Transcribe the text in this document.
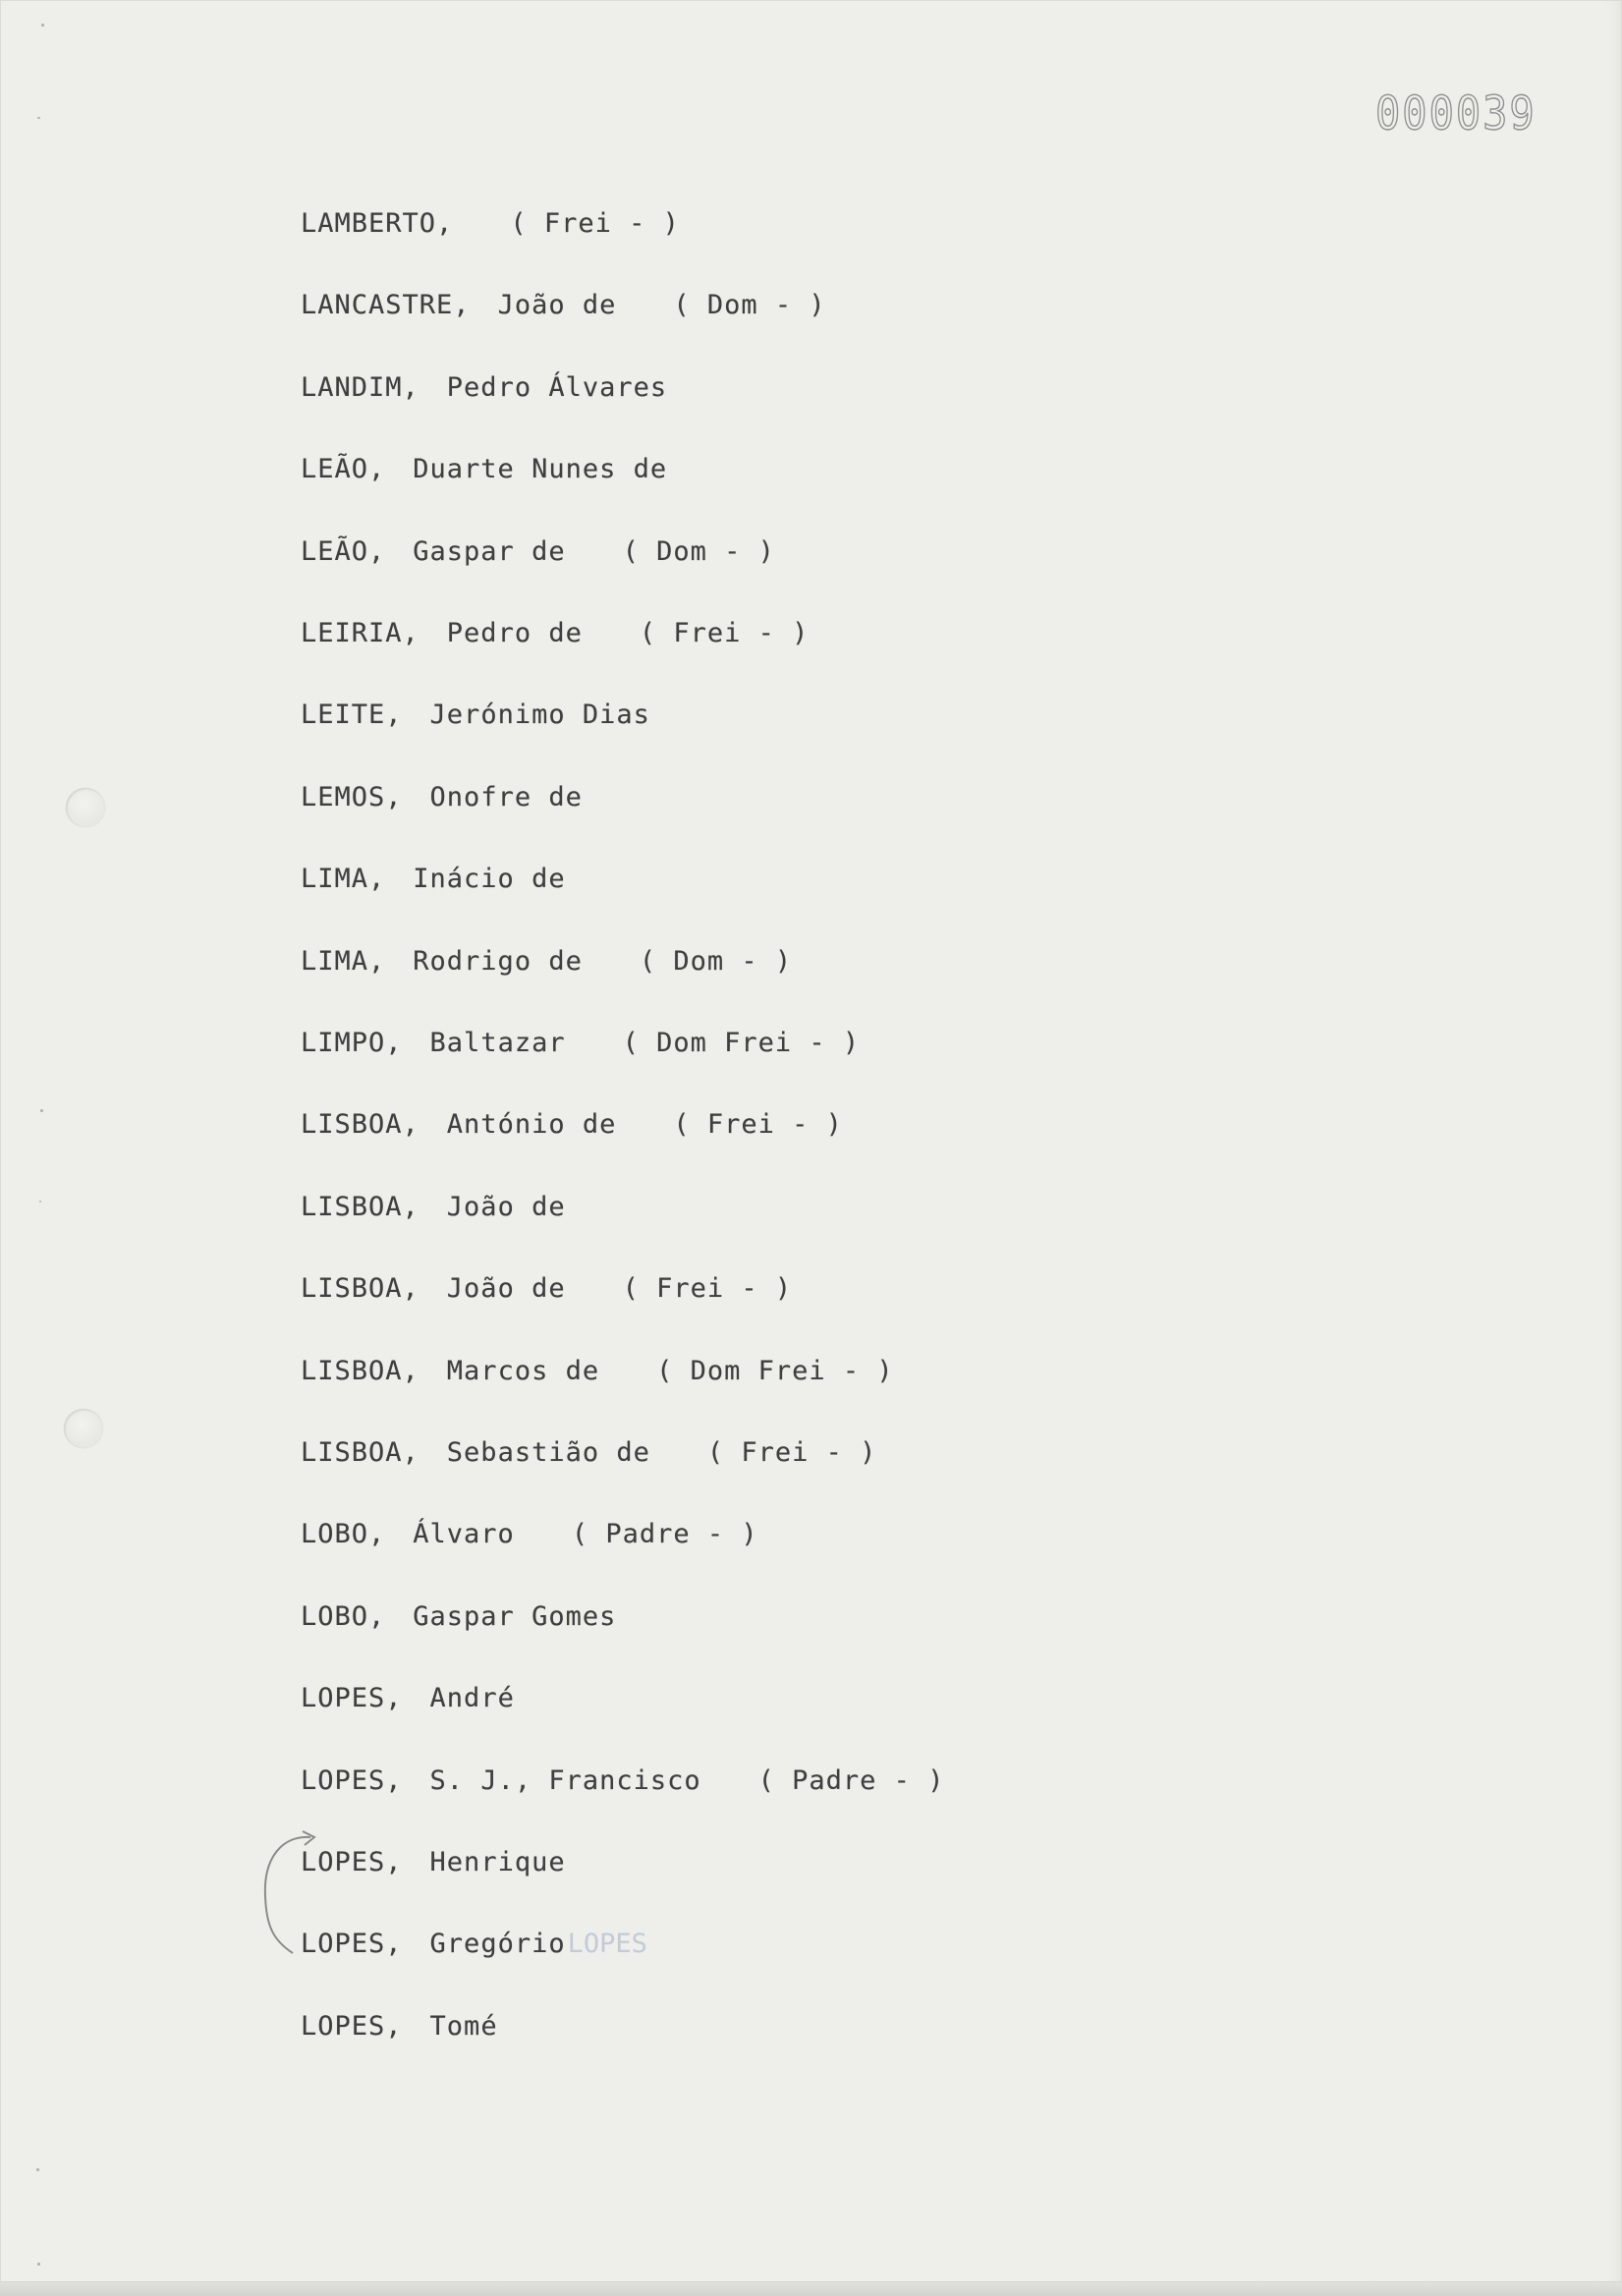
000039
LAMBERTO, ( Frei - )
LANCASTRE, João de ( Dom - )
LANDIM, Pedro Álvares
LEÃO, Duarte Nunes de
LEÃO, Gaspar de ( Dom - )
LEIRIA, Pedro de ( Frei - )
LEITE, Jerónimo Dias
LEMOS, Onofre de
LIMA, Inácio de
LIMA, Rodrigo de ( Dom - )
LIMPO, Baltazar ( Dom Frei - )
LISBOA, António de ( Frei - )
LISBOA, João de
LISBOA, João de ( Frei - )
LISBOA, Marcos de ( Dom Frei - )
LISBOA, Sebastião de ( Frei - )
LOBO, Álvaro ( Padre - )
LOBO, Gaspar Gomes
LOPES, André
LOPES, S. J., Francisco ( Padre - )
LOPES, Henrique
LOPES, GregórioLOPES
LOPES, Tomé
